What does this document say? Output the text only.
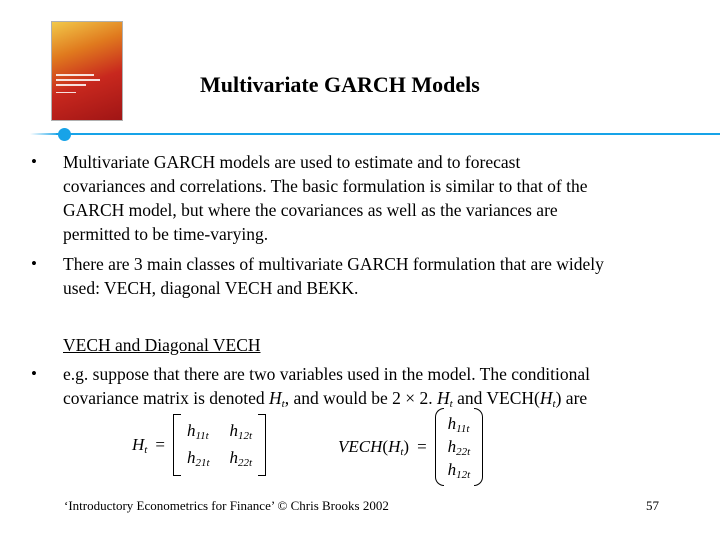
Multivariate GARCH Models
• Multivariate GARCH models are used to estimate and to forecast
covariances and correlations. The basic formulation is similar to that of the
GARCH model, but where the covariances as well as the variances are
permitted to be time-varying.
• There are 3 main classes of multivariate GARCH formulation that are widely
used: VECH, diagonal VECH and BEKK.
VECH and Diagonal VECH
• e.g. suppose that there are two variables used in the model. The conditional
covariance matrix is denoted $H_t$, and would be 2 × 2. $H_t$ and $VECH(H_t)$ are
$H_t$ =
$h_{11t}$ $h_{12t}$
$h_{21t}$ $h_{22t}$
$VECH(H_t)$ =
$h_{11t}$
$h_{22t}$
$h_{12t}$
‘Introductory Econometrics for Finance’ © Chris Brooks 2002	57
